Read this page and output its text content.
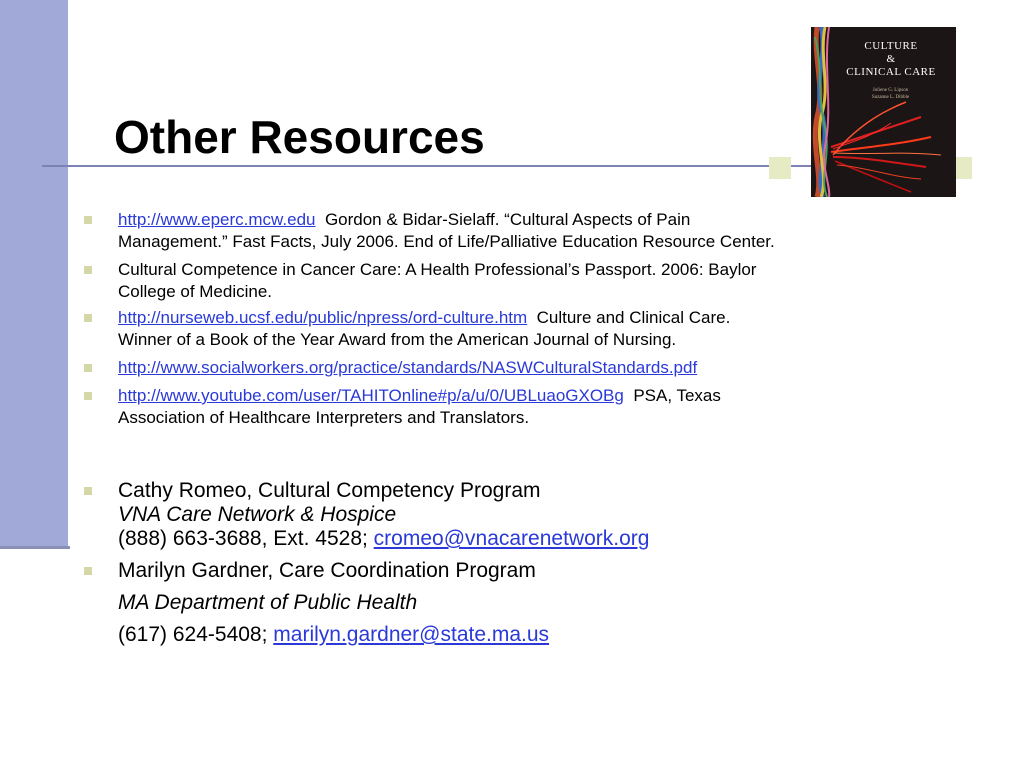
Other Resources
CULTURE
&
CLINICAL CARE
Juliene G. Lipson
Suzanne L. Dibble
http://www.eperc.mcw.edu Gordon & Bidar-Sielaff. “Cultural Aspects of Pain
Management.” Fast Facts, July 2006. End of Life/Palliative Education Resource Center.
Cultural Competence in Cancer Care: A Health Professional’s Passport. 2006: Baylor
College of Medicine.
http://nurseweb.ucsf.edu/public/npress/ord-culture.htm Culture and Clinical Care.
Winner of a Book of the Year Award from the American Journal of Nursing.
http://www.socialworkers.org/practice/standards/NASWCulturalStandards.pdf
http://www.youtube.com/user/TAHITOnline#p/a/u/0/UBLuaoGXOBg PSA, Texas
Association of Healthcare Interpreters and Translators.
Cathy Romeo, Cultural Competency Program
VNA Care Network & Hospice
(888) 663-3688, Ext. 4528; cromeo@vnacarenetwork.org
Marilyn Gardner, Care Coordination Program
MA Department of Public Health
(617) 624-5408; marilyn.gardner@state.ma.us
